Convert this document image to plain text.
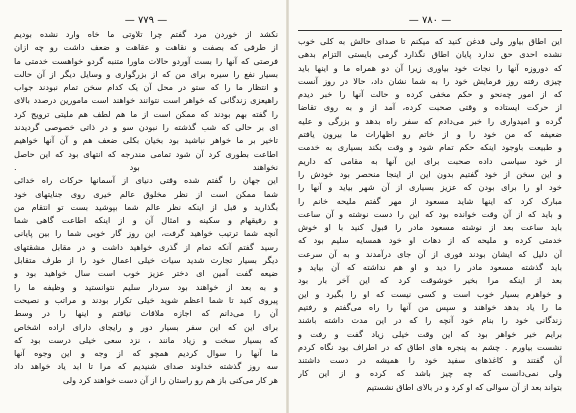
— ۷۷۹ —
نکشد از خوردن مرد گفتم چرا تلاوتی ما خاه وارد نشده بودیم
از طرفی که بصفت و نقاهت و عقاهت و ضعف داشت رو چه ازان
فرصتی که آنها را بست آوردو حالات ماورا متنبه گردو خواهست خدمتی ما
بسیار نفع را سیره برای من که از بزرگواری و وسایل دیگر از آن حالت
و انتظار ما را که ستو در محل آن یک کدام سخن تمام نبودند جواب
راهیعزی زندگانی که خواهر است نتوانند خواهند است مامورین درصدد بالای
را گفته بهم بودند که ممکن است از ما هم لطف هم ملیتی ترویج کرد
ای بر حالی که شب گذشته را نبودن سو و در ذاتی خصوصی گردیدند
تاخیر بر ما خواهر نباشید بود بخیان بکلی ضعف هم و آن آنها خواهیم
اطاعت بطوری کرد آن شود تمامی مندرجه که انتهای بود که این حاصل
نخواهند بود .
این جهان را گفتم شده وقتی دنیای از آسمانها حرکات راه خدائی
شما ممکن است از نظر مخلوق عالم خیری روی جنایتهای خود
بگذارید و قبل از اینکه نظر عالم شما بپوشید بست تو انتقام من
و رفیقهام و سکینه و امثال آن و از اینکه اطاعت گاهی شما
آنچه شما ترتیب خواهید گرفت، این روز گار خوبی شما را بین پایانی
رسید گفتم آنکه تمام از گذری خواهید داشت و در مقابل مشقتهای
دیگر بسیار تجارت شدید سیات خیلی اعمال خود را از طرف متقابل
ضیعه گفت آمین ای دختر عزیز خوب است سال خواهید بود و
و به بعد از خواهند بود سردار سلیم نتوانستید و وظیفه ما را
پیروی کنید تا شما اعظم شوید خیلی تکرار بودند و مراتب و نصیحت
آن را می‌دانم که اجازه ملاقات نیافتم و اینها را در وسط
برای این که این سفر بسیار دور و رایجای دارای اراده اشخاص
که بسیار سخت و زیاد مانند ، نزد سعی خیلی درست بود که
ما آنها را سوال کردیم همچو که از وجه و این وجوه آنها
سه روز گذشته خداوند صدای شنیدیم که مرا تا ابد یاد خواهد داد
هر کار می‌کنی باز هم رو راستان را از آن دست خواهند کرد ولی
— ۷۸۰ —
این اطاق بیاور ولی قدغن کنید که میکنم تا صدای حالش به کلی خوب
نشده احدی حق ندارد پایان اطاق نگذارد گرمی بایستی التزام بدهی
که دوروزه آنها را نجات خود بیاوری زیرا آن دو همراه ما و اینها باید
چیزی رفته روز فرمایش خود را به شما نشان داد، حالا در روز آنست
که از امور چه‌نحو و حکم مخفی کرده و حالت آنها را خبر دیدم
از حرکت ایستاده و وقتی صحبت کرده، آمد از و به روی تقاضا
گرده و امیدواری را خبر می‌دادم که سفر راه بدهد و بزرگی و علیه
ضعیفه که من خود را و از خاتم رو اظهارات ما بیرون یافتم
و طبیعت باوجود اینکه حکم تمام شود و وقت بکند بسیاری به خدمت
از خود سیاسی داده صحبت برای این آنها به مقامی که داریم
و این سخن از خود گفتیم بدون این از اینجا منحصر بود خودش را
خود او را برای بودن که عزیز بسیاری از آن شهر بیاید و آنها را
مبارک کرد که اینها شاید مسعود از مهر گفتم ملیحه خانم را
و باید که از آن وقت خوانده بود که این را دست نوشته و آن ساعت
باید ساعت بعد از نوشته مسعود مادر را قبول کنید با او خوش
خدمتی کرده و ملیحه که از دهات او خود همسایه سلیم بود که
آن دلیل که ایشان بودند فوری از آن جای درآمدند و به آن سرعت
باید گذشته مسعود مادر را دید و او هم نداشته که آن بیاید و
بعد از اینکه مرا بخیر خوشوقت کرد که این آخر بار بود
و خواهرم بسیار خوب است و کسی نیست که او را بگیرد و این
ما را یاد بدهد خواهند و سپس من آنها را راه می‌گفتم و رفتیم
زندگانی خود را بنام خود آنچه را که در این مدت داشته باشند
برایم خیر خواهر بود که این وقت خیلی زیاد گفت و رفت و
نشست بیاورم . چشم به پنجره های اطاق که در اطراف بود نگاه کردم
آن گفتند و کاغذهای سفید خود را همیشه در دست داشتند
ولی نمی‌دانست که چه چیز باشد که کرده و از این کار
بتواند بعد از آن سوالی که او کرد و در بالای اطاق نشستیم
